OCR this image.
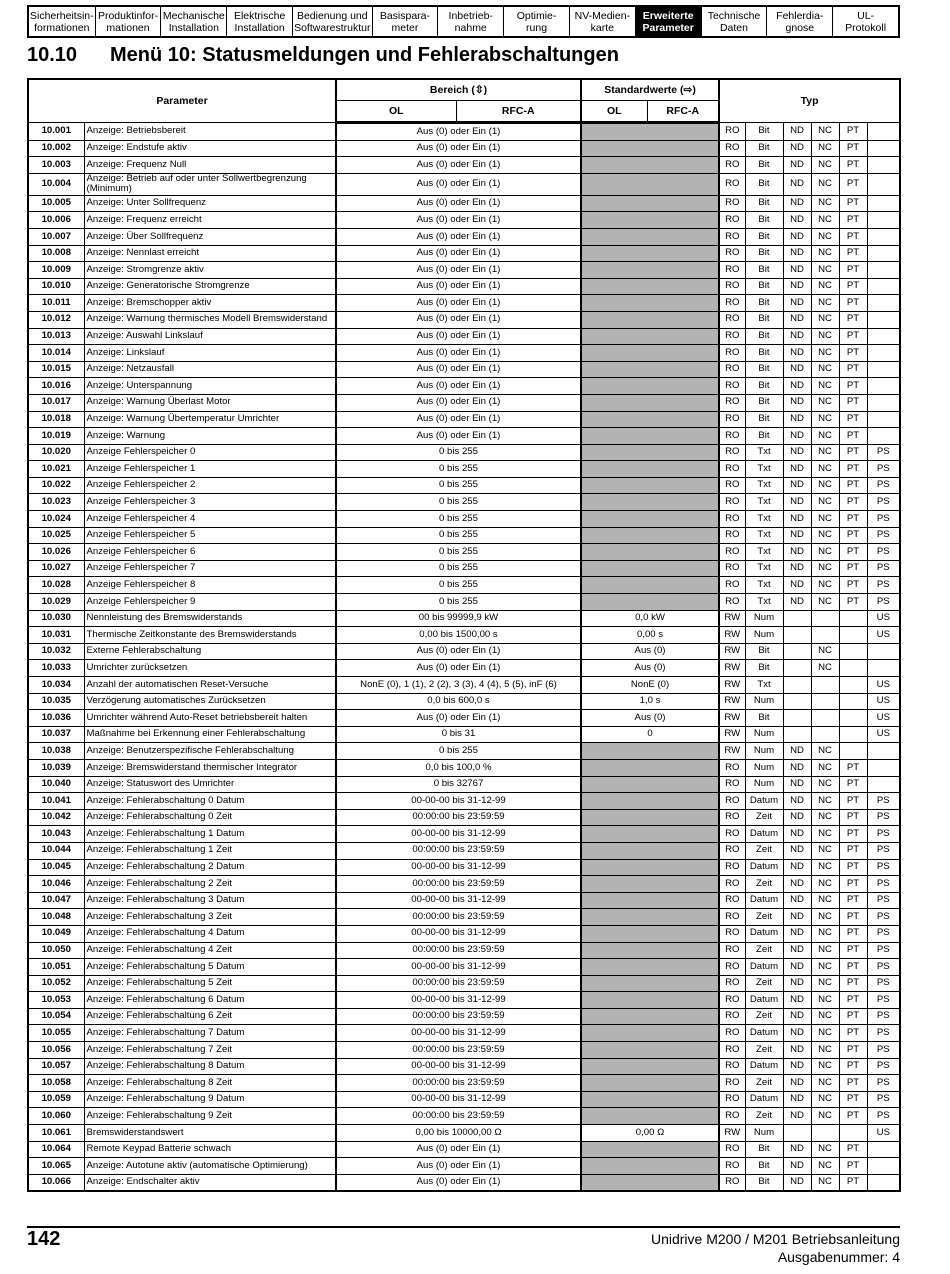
Sicherheitsin-
formationen
Produktinfor-
mationen
Mechanische
Installation
Elektrische
Installation
Bedienung und
Softwarestruktur
Basispara-
meter
Inbetrieb-
nahme
Optimie-
rung
NV-Medien-
karte
Erweiterte
Parameter
Technische
Daten
Fehlerdia-
gnose
UL-
Protokoll
10.10 Menü 10: Statusmeldungen und Fehlerabschaltungen
Parameter		Bereich (⇳)		Standardwerte (⇨)		Typ					
		OL	RFC-A	OL	RFC-A						
10.001	Anzeige: Betriebsbereit	Aus (0) oder Ein (1)				RO	Bit	ND	NC	PT	
10.002	Anzeige: Endstufe aktiv	Aus (0) oder Ein (1)				RO	Bit	ND	NC	PT	
10.003	Anzeige: Frequenz Null	Aus (0) oder Ein (1)				RO	Bit	ND	NC	PT	
10.004	Anzeige: Betrieb auf oder unter Sollwertbegrenzung (Minimum)	Aus (0) oder Ein (1)				RO	Bit	ND	NC	PT	
10.005	Anzeige: Unter Sollfrequenz	Aus (0) oder Ein (1)				RO	Bit	ND	NC	PT	
10.006	Anzeige: Frequenz erreicht	Aus (0) oder Ein (1)				RO	Bit	ND	NC	PT	
10.007	Anzeige: Über Sollfrequenz	Aus (0) oder Ein (1)				RO	Bit	ND	NC	PT	
10.008	Anzeige: Nennlast erreicht	Aus (0) oder Ein (1)				RO	Bit	ND	NC	PT	
10.009	Anzeige: Stromgrenze aktiv	Aus (0) oder Ein (1)				RO	Bit	ND	NC	PT	
10.010	Anzeige: Generatorische Stromgrenze	Aus (0) oder Ein (1)				RO	Bit	ND	NC	PT	
10.011	Anzeige: Bremschopper aktiv	Aus (0) oder Ein (1)				RO	Bit	ND	NC	PT	
10.012	Anzeige: Warnung thermisches Modell Bremswiderstand	Aus (0) oder Ein (1)				RO	Bit	ND	NC	PT	
10.013	Anzeige: Auswahl Linkslauf	Aus (0) oder Ein (1)				RO	Bit	ND	NC	PT	
10.014	Anzeige: Linkslauf	Aus (0) oder Ein (1)				RO	Bit	ND	NC	PT	
10.015	Anzeige: Netzausfall	Aus (0) oder Ein (1)				RO	Bit	ND	NC	PT	
10.016	Anzeige: Unterspannung	Aus (0) oder Ein (1)				RO	Bit	ND	NC	PT	
10.017	Anzeige: Warnung Überlast Motor	Aus (0) oder Ein (1)				RO	Bit	ND	NC	PT	
10.018	Anzeige: Warnung Übertemperatur Umrichter	Aus (0) oder Ein (1)				RO	Bit	ND	NC	PT	
10.019	Anzeige: Warnung	Aus (0) oder Ein (1)				RO	Bit	ND	NC	PT	
10.020	Anzeige Fehlerspeicher 0	0 bis 255				RO	Txt	ND	NC	PT	PS
10.021	Anzeige Fehlerspeicher 1	0 bis 255				RO	Txt	ND	NC	PT	PS
10.022	Anzeige Fehlerspeicher 2	0 bis 255				RO	Txt	ND	NC	PT	PS
10.023	Anzeige Fehlerspeicher 3	0 bis 255				RO	Txt	ND	NC	PT	PS
10.024	Anzeige Fehlerspeicher 4	0 bis 255				RO	Txt	ND	NC	PT	PS
10.025	Anzeige Fehlerspeicher 5	0 bis 255				RO	Txt	ND	NC	PT	PS
10.026	Anzeige Fehlerspeicher 6	0 bis 255				RO	Txt	ND	NC	PT	PS
10.027	Anzeige Fehlerspeicher 7	0 bis 255				RO	Txt	ND	NC	PT	PS
10.028	Anzeige Fehlerspeicher 8	0 bis 255				RO	Txt	ND	NC	PT	PS
10.029	Anzeige Fehlerspeicher 9	0 bis 255				RO	Txt	ND	NC	PT	PS
10.030	Nennleistung des Bremswiderstands	00 bis 99999,9 kW		0,0 kW		RW	Num				US
10.031	Thermische Zeitkonstante des Bremswiderstands	0,00 bis 1500,00 s		0,00 s		RW	Num				US
10.032	Externe Fehlerabschaltung	Aus (0) oder Ein (1)		Aus (0)		RW	Bit		NC		
10.033	Umrichter zurücksetzen	Aus (0) oder Ein (1)		Aus (0)		RW	Bit		NC		
10.034	Anzahl der automatischen Reset-Versuche	NonE (0), 1 (1), 2 (2), 3 (3), 4 (4), 5 (5), inF (6)		NonE (0)		RW	Txt				US
10.035	Verzögerung automatisches Zurücksetzen	0,0 bis 600,0 s		1,0 s		RW	Num				US
10.036	Umrichter während Auto-Reset betriebsbereit halten	Aus (0) oder Ein (1)		Aus (0)		RW	Bit				US
10.037	Maßnahme bei Erkennung einer Fehlerabschaltung	0 bis 31		0		RW	Num				US
10.038	Anzeige: Benutzerspezifische Fehlerabschaltung	0 bis 255				RW	Num	ND	NC		
10.039	Anzeige: Bremswiderstand thermischer Integrator	0,0 bis 100,0 %				RO	Num	ND	NC	PT	
10.040	Anzeige: Statuswort des Umrichter	0 bis 32767				RO	Num	ND	NC	PT	
10.041	Anzeige: Fehlerabschaltung 0 Datum	00-00-00 bis 31-12-99				RO	Datum	ND	NC	PT	PS
10.042	Anzeige: Fehlerabschaltung 0 Zeit	00:00:00 bis 23:59:59				RO	Zeit	ND	NC	PT	PS
10.043	Anzeige: Fehlerabschaltung 1 Datum	00-00-00 bis 31-12-99				RO	Datum	ND	NC	PT	PS
10.044	Anzeige: Fehlerabschaltung 1 Zeit	00:00:00 bis 23:59:59				RO	Zeit	ND	NC	PT	PS
10.045	Anzeige: Fehlerabschaltung 2 Datum	00-00-00 bis 31-12-99				RO	Datum	ND	NC	PT	PS
10.046	Anzeige: Fehlerabschaltung 2 Zeit	00:00:00 bis 23:59:59				RO	Zeit	ND	NC	PT	PS
10.047	Anzeige: Fehlerabschaltung 3 Datum	00-00-00 bis 31-12-99				RO	Datum	ND	NC	PT	PS
10.048	Anzeige: Fehlerabschaltung 3 Zeit	00:00:00 bis 23:59:59				RO	Zeit	ND	NC	PT	PS
10.049	Anzeige: Fehlerabschaltung 4 Datum	00-00-00 bis 31-12-99				RO	Datum	ND	NC	PT	PS
10.050	Anzeige: Fehlerabschaltung 4 Zeit	00:00:00 bis 23:59:59				RO	Zeit	ND	NC	PT	PS
10.051	Anzeige: Fehlerabschaltung 5 Datum	00-00-00 bis 31-12-99				RO	Datum	ND	NC	PT	PS
10.052	Anzeige: Fehlerabschaltung 5 Zeit	00:00:00 bis 23:59:59				RO	Zeit	ND	NC	PT	PS
10.053	Anzeige: Fehlerabschaltung 6 Datum	00-00-00 bis 31-12-99				RO	Datum	ND	NC	PT	PS
10.054	Anzeige: Fehlerabschaltung 6 Zeit	00:00:00 bis 23:59:59				RO	Zeit	ND	NC	PT	PS
10.055	Anzeige: Fehlerabschaltung 7 Datum	00-00-00 bis 31-12-99				RO	Datum	ND	NC	PT	PS
10.056	Anzeige: Fehlerabschaltung 7 Zeit	00:00:00 bis 23:59:59				RO	Zeit	ND	NC	PT	PS
10.057	Anzeige: Fehlerabschaltung 8 Datum	00-00-00 bis 31-12-99				RO	Datum	ND	NC	PT	PS
10.058	Anzeige: Fehlerabschaltung 8 Zeit	00:00:00 bis 23:59:59				RO	Zeit	ND	NC	PT	PS
10.059	Anzeige: Fehlerabschaltung 9 Datum	00-00-00 bis 31-12-99				RO	Datum	ND	NC	PT	PS
10.060	Anzeige: Fehlerabschaltung 9 Zeit	00:00:00 bis 23:59:59				RO	Zeit	ND	NC	PT	PS
10.061	Bremswiderstandswert	0,00 bis 10000,00 Ω		0,00 Ω		RW	Num				US
10.064	Remote Keypad Batterie schwach	Aus (0) oder Ein (1)				RO	Bit	ND	NC	PT	
10.065	Anzeige: Autotune aktiv (automatische Optimierung)	Aus (0) oder Ein (1)				RO	Bit	ND	NC	PT	
10.066	Anzeige: Endschalter aktiv	Aus (0) oder Ein (1)				RO	Bit	ND	NC	PT	
142	Unidrive M200 / M201 Betriebsanleitung
Ausgabenummer: 4
